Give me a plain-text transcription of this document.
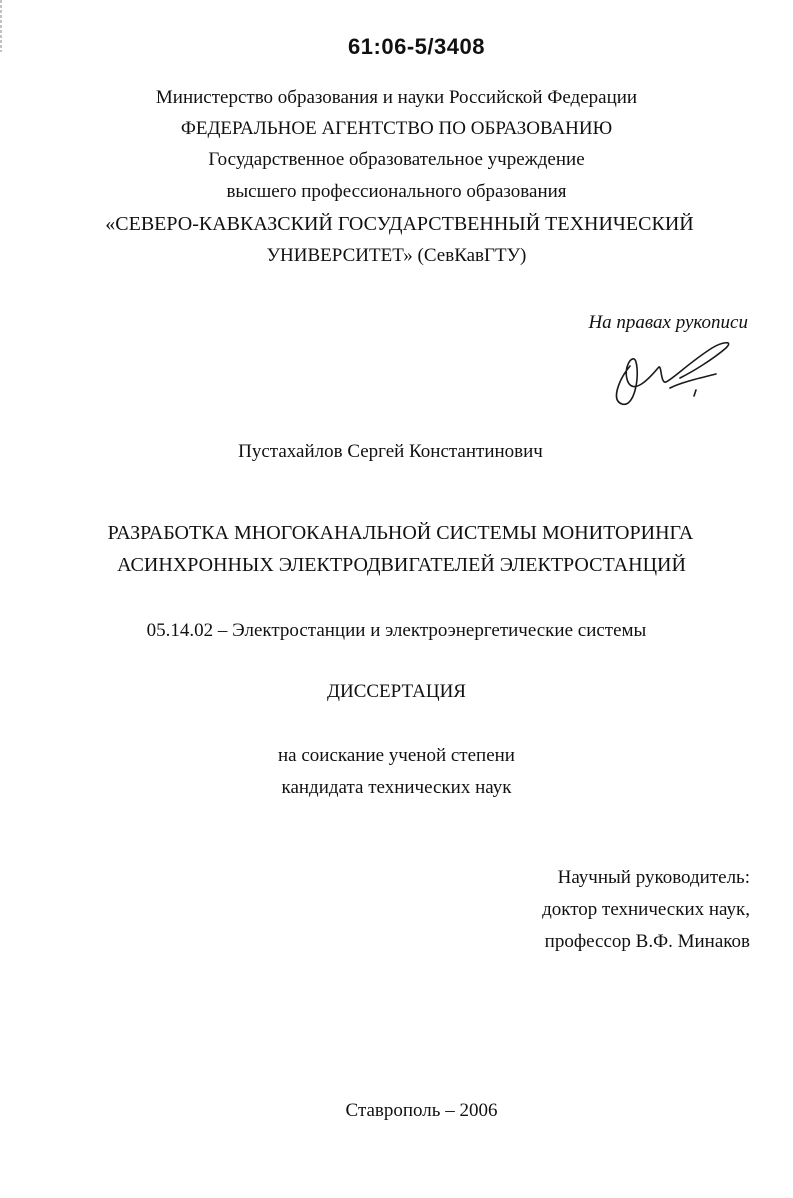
61:06-5/3408
Министерство образования и науки Российской Федерации
ФЕДЕРАЛЬНОЕ АГЕНТСТВО ПО ОБРАЗОВАНИЮ
Государственное образовательное учреждение
высшего профессионального образования
«СЕВЕРО-КАВКАЗСКИЙ ГОСУДАРСТВЕННЫЙ ТЕХНИЧЕСКИЙ
УНИВЕРСИТЕТ» (СевКавГТУ)
На правах рукописи
Пустахайлов Сергей Константинович
РАЗРАБОТКА МНОГОКАНАЛЬНОЙ СИСТЕМЫ МОНИТОРИНГА
АСИНХРОННЫХ ЭЛЕКТРОДВИГАТЕЛЕЙ ЭЛЕКТРОСТАНЦИЙ
05.14.02 – Электростанции и электроэнергетические системы
ДИССЕРТАЦИЯ
на соискание ученой степени
кандидата технических наук
Научный руководитель:
доктор технических наук,
профессор В.Ф. Минаков
Ставрополь – 2006
